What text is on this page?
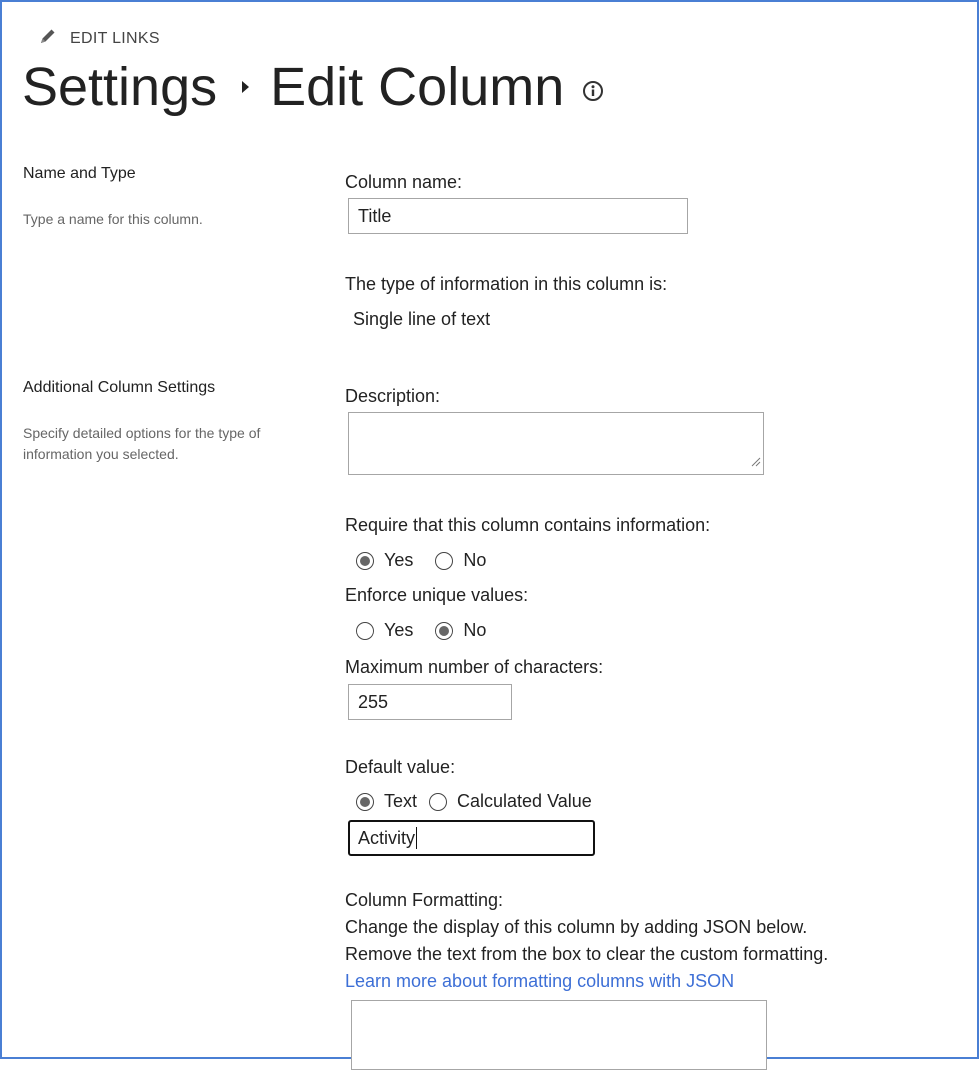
EDIT LINKS
Settings Edit Column
Name and Type
Type a name for this column.
Column name:
Title
The type of information in this column is:
Single line of text
Additional Column Settings
Specify detailed options for the type of
information you selected.
Description:
Require that this column contains information:
Yes	No
Enforce unique values:
Yes	No
Maximum number of characters:
255
Default value:
Text Calculated Value
Activity
Column Formatting:
Change the display of this column by adding JSON below.
Remove the text from the box to clear the custom formatting.
Learn more about formatting columns with JSON
